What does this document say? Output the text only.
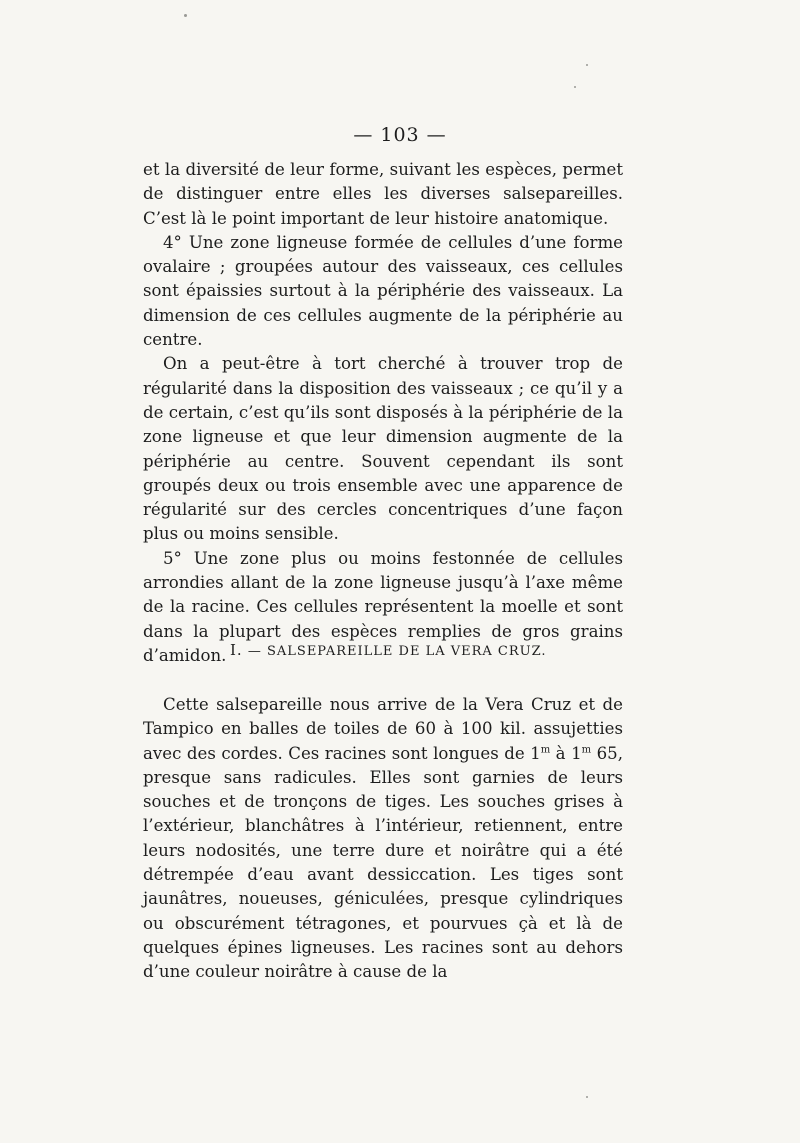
— 103 —

et la diversité de leur forme, suivant les espèces, permet de distinguer entre elles les diverses salsepareilles. C’est là le point important de leur histoire anatomique.

4° Une zone ligneuse formée de cellules d’une forme ovalaire ; groupées autour des vaisseaux, ces cellules sont épaissies surtout à la périphérie des vaisseaux. La dimension de ces cellules augmente de la périphérie au centre.

On a peut-être à tort cherché à trouver trop de régularité dans la disposition des vaisseaux ; ce qu’il y a de certain, c’est qu’ils sont disposés à la périphérie de la zone ligneuse et que leur dimension augmente de la périphérie au centre. Souvent cependant ils sont groupés deux ou trois ensemble avec une apparence de régularité sur des cercles concentriques d’une façon plus ou moins sensible.

5° Une zone plus ou moins festonnée de cellules arrondies allant de la zone ligneuse jusqu’à l’axe même de la racine. Ces cellules représentent la moelle et sont dans la plupart des espèces remplies de gros grains d’amidon. I. — SALSEPAREILLE DE LA VERA CRUZ.

Cette salsepareille nous arrive de la Vera Cruz et de Tampico en balles de toiles de 60 à 100 kil. assujetties avec des cordes. Ces racines sont longues de 1$^m$ à 1$^m$ 65, presque sans radicules. Elles sont garnies de leurs souches et de tronçons de tiges. Les souches grises à l’extérieur, blanchâtres à l’intérieur, retiennent, entre leurs nodosités, une terre dure et noirâtre qui a été détrempée d’eau avant dessiccation. Les tiges sont jaunâtres, noueuses, géniculées, presque cylindriques ou obscurément tétragones, et pourvues çà et là de quelques épines ligneuses. Les racines sont au dehors d’une couleur noirâtre à cause de la
